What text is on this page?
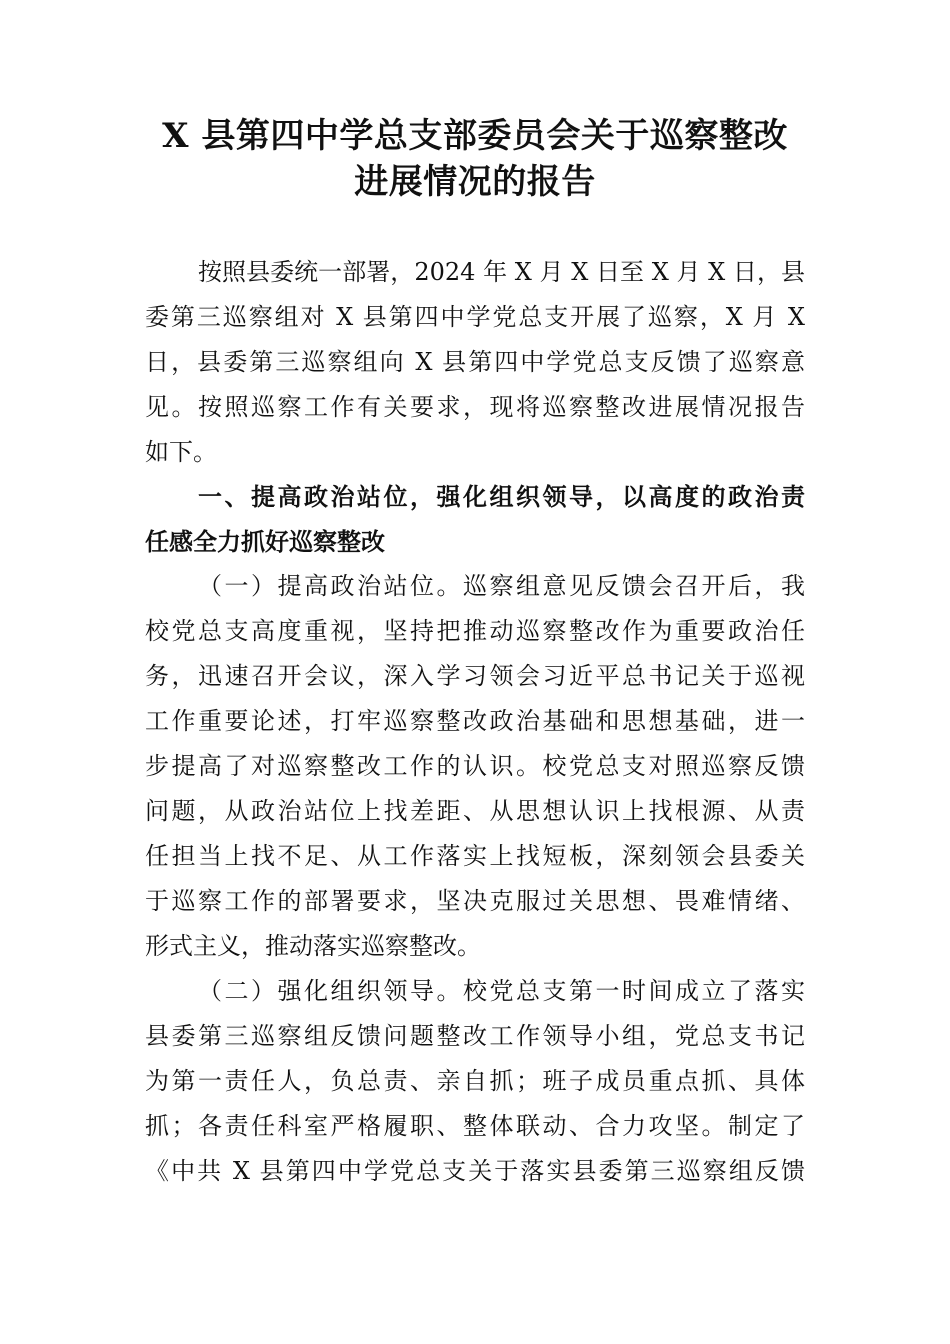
X 县第四中学总支部委员会关于巡察整改
进展情况的报告

按照县委统一部署，2024 年 X 月 X 日至 X 月 X 日，县

委第三巡察组对 X 县第四中学党总支开展了巡察，X 月 X

日，县委第三巡察组向 X 县第四中学党总支反馈了巡察意

见。按照巡察工作有关要求，现将巡察整改进展情况报告

如下。

一、提高政治站位，强化组织领导，以高度的政治责

任感全力抓好巡察整改

（一）提高政治站位。巡察组意见反馈会召开后，我

校党总支高度重视，坚持把推动巡察整改作为重要政治任

务，迅速召开会议，深入学习领会习近平总书记关于巡视

工作重要论述，打牢巡察整改政治基础和思想基础，进一

步提高了对巡察整改工作的认识。校党总支对照巡察反馈

问题，从政治站位上找差距、从思想认识上找根源、从责

任担当上找不足、从工作落实上找短板，深刻领会县委关

于巡察工作的部署要求，坚决克服过关思想、畏难情绪、

形式主义，推动落实巡察整改。

（二）强化组织领导。校党总支第一时间成立了落实

县委第三巡察组反馈问题整改工作领导小组，党总支书记

为第一责任人，负总责、亲自抓；班子成员重点抓、具体

抓；各责任科室严格履职、整体联动、合力攻坚。制定了

《中共 X 县第四中学党总支关于落实县委第三巡察组反馈
